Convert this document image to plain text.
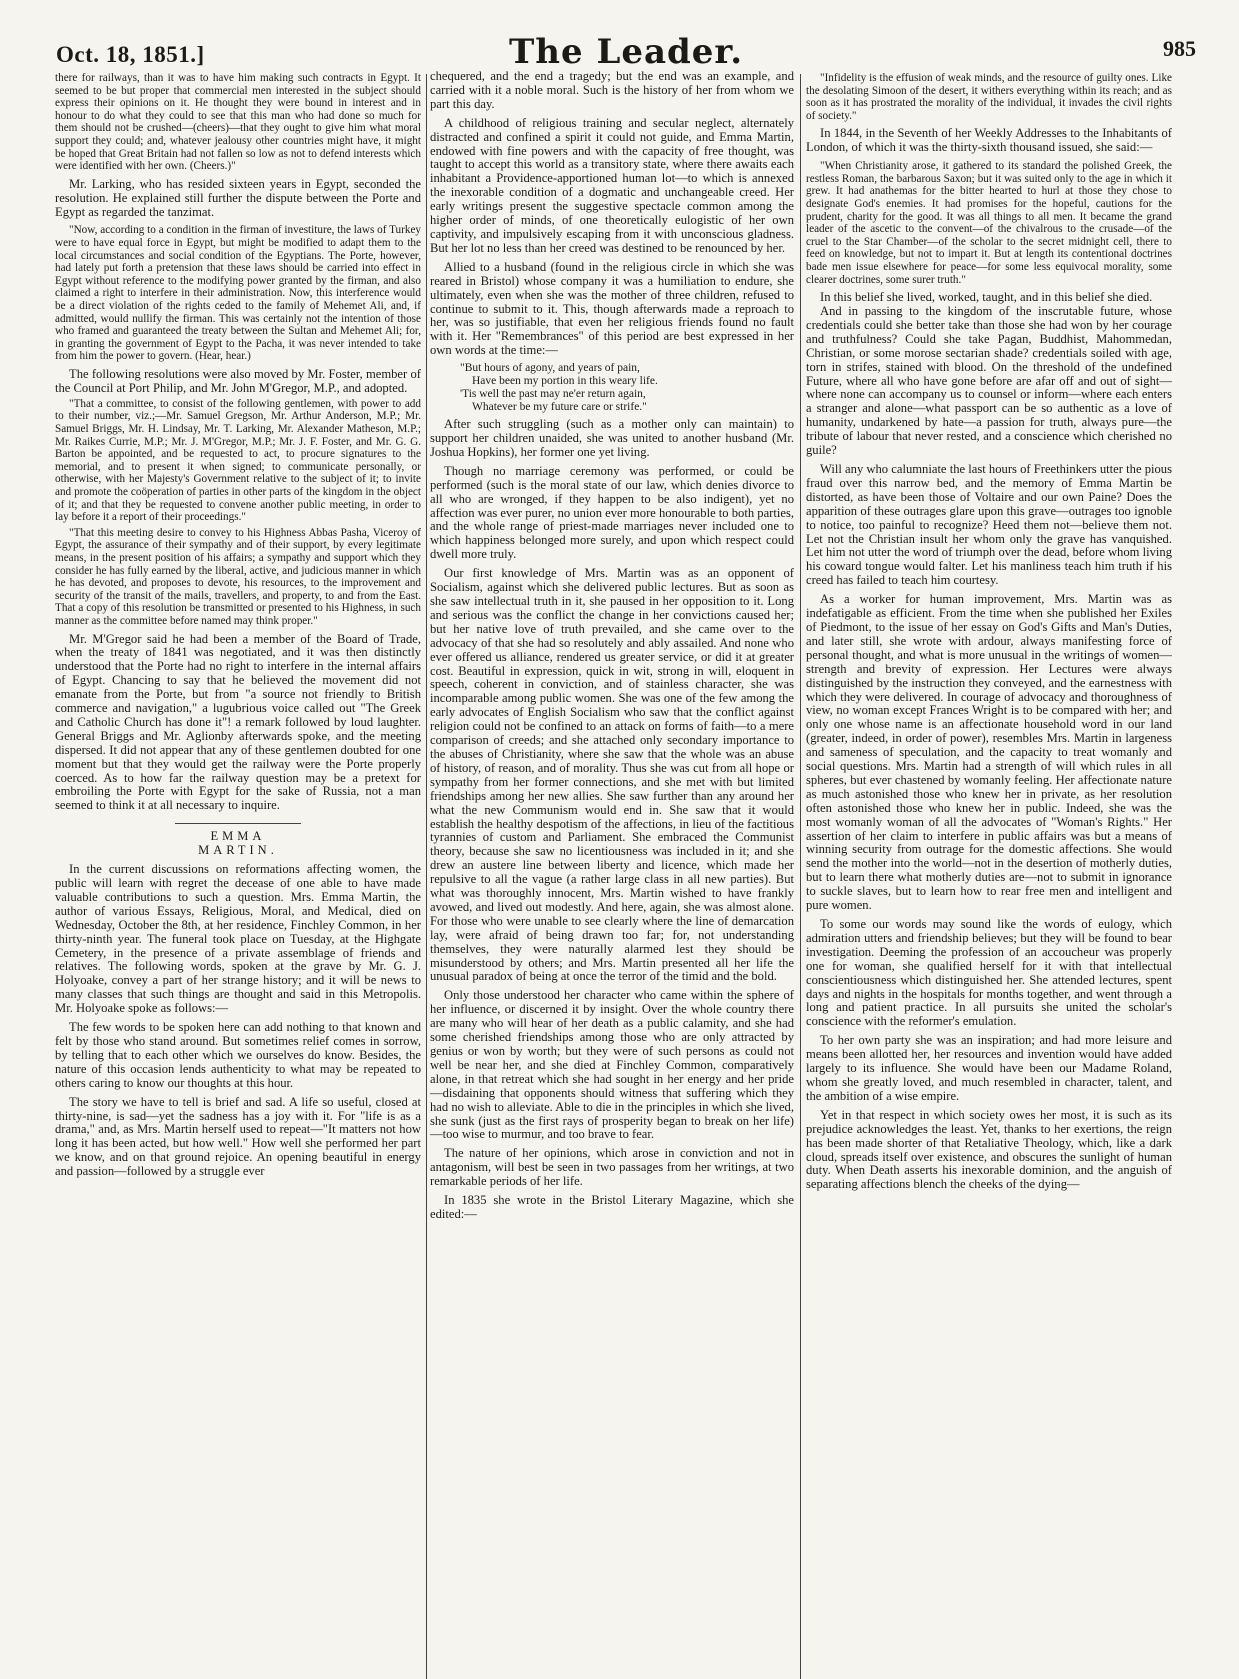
Oct. 18, 1851.]	The Leader.	985

there for railways, than it was to have him making such contracts in Egypt. It seemed to be but proper that commercial men interested in the subject should express their opinions on it. He thought they were bound in interest and in honour to do what they could to see that this man who had done so much for them should not be crushed—(cheers)—that they ought to give him what moral support they could; and, whatever jealousy other countries might have, it might be hoped that Great Britain had not fallen so low as not to defend interests which were identified with her own. (Cheers.)"

Mr. Larking, who has resided sixteen years in Egypt, seconded the resolution. He explained still further the dispute between the Porte and Egypt as regarded the tanzimat.

"Now, according to a condition in the firman of investiture, the laws of Turkey were to have equal force in Egypt, but might be modified to adapt them to the local circumstances and social condition of the Egyptians. The Porte, however, had lately put forth a pretension that these laws should be carried into effect in Egypt without reference to the modifying power granted by the firman, and also claimed a right to interfere in their administration. Now, this interference would be a direct violation of the rights ceded to the family of Mehemet Ali, and, if admitted, would nullify the firman. This was certainly not the intention of those who framed and guaranteed the treaty between the Sultan and Mehemet Ali; for, in granting the government of Egypt to the Pacha, it was never intended to take from him the power to govern. (Hear, hear.)

The following resolutions were also moved by Mr. Foster, member of the Council at Port Philip, and Mr. John M'Gregor, M.P., and adopted.

"That a committee, to consist of the following gentlemen, with power to add to their number, viz.;—Mr. Samuel Gregson, Mr. Arthur Anderson, M.P.; Mr. Samuel Briggs, Mr. H. Lindsay, Mr. T. Larking, Mr. Alexander Matheson, M.P.; Mr. Raikes Currie, M.P.; Mr. J. M'Gregor, M.P.; Mr. J. F. Foster, and Mr. G. G. Barton be appointed, and be requested to act, to procure signatures to the memorial, and to present it when signed; to communicate personally, or otherwise, with her Majesty's Government relative to the subject of it; to invite and promote the coöperation of parties in other parts of the kingdom in the object of it; and that they be requested to convene another public meeting, in order to lay before it a report of their proceedings."

"That this meeting desire to convey to his Highness Abbas Pasha, Viceroy of Egypt, the assurance of their sympathy and of their support, by every legitimate means, in the present position of his affairs; a sympathy and support which they consider he has fully earned by the liberal, active, and judicious manner in which he has devoted, and proposes to devote, his resources, to the improvement and security of the transit of the mails, travellers, and property, to and from the East. That a copy of this resolution be transmitted or presented to his Highness, in such manner as the committee before named may think proper."

Mr. M'Gregor said he had been a member of the Board of Trade, when the treaty of 1841 was negotiated, and it was then distinctly understood that the Porte had no right to interfere in the internal affairs of Egypt. Chancing to say that he believed the movement did not emanate from the Porte, but from "a source not friendly to British commerce and navigation," a lugubrious voice called out "The Greek and Catholic Church has done it"! a remark followed by loud laughter. General Briggs and Mr. Aglionby afterwards spoke, and the meeting dispersed. It did not appear that any of these gentlemen doubted for one moment but that they would get the railway were the Porte properly coerced. As to how far the railway question may be a pretext for embroiling the Porte with Egypt for the sake of Russia, not a man seemed to think it at all necessary to inquire.

EMMA MARTIN.

In the current discussions on reformations affecting women, the public will learn with regret the decease of one able to have made valuable contributions to such a question. Mrs. Emma Martin, the author of various Essays, Religious, Moral, and Medical, died on Wednesday, October the 8th, at her residence, Finchley Common, in her thirty-ninth year. The funeral took place on Tuesday, at the Highgate Cemetery, in the presence of a private assemblage of friends and relatives. The following words, spoken at the grave by Mr. G. J. Holyoake, convey a part of her strange history; and it will be news to many classes that such things are thought and said in this Metropolis. Mr. Holyoake spoke as follows:—

The few words to be spoken here can add nothing to that known and felt by those who stand around. But sometimes relief comes in sorrow, by telling that to each other which we ourselves do know. Besides, the nature of this occasion lends authenticity to what may be repeated to others caring to know our thoughts at this hour.

The story we have to tell is brief and sad. A life so useful, closed at thirty-nine, is sad—yet the sadness has a joy with it. For "life is as a drama," and, as Mrs. Martin herself used to repeat—"It matters not how long it has been acted, but how well." How well she performed her part we know, and on that ground rejoice. An opening beautiful in energy and passion—followed by a struggle ever

chequered, and the end a tragedy; but the end was an example, and carried with it a noble moral. Such is the history of her from whom we part this day.

A childhood of religious training and secular neglect, alternately distracted and confined a spirit it could not guide, and Emma Martin, endowed with fine powers and with the capacity of free thought, was taught to accept this world as a transitory state, where there awaits each inhabitant a Providence-apportioned human lot—to which is annexed the inexorable condition of a dogmatic and unchangeable creed. Her early writings present the suggestive spectacle common among the higher order of minds, of one theoretically eulogistic of her own captivity, and impulsively escaping from it with unconscious gladness. But her lot no less than her creed was destined to be renounced by her.

Allied to a husband (found in the religious circle in which she was reared in Bristol) whose company it was a humiliation to endure, she ultimately, even when she was the mother of three children, refused to continue to submit to it. This, though afterwards made a reproach to her, was so justifiable, that even her religious friends found no fault with it. Her "Remembrances" of this period are best expressed in her own words at the time:—

"But hours of agony, and years of pain,
Have been my portion in this weary life.
'Tis well the past may ne'er return again,
Whatever be my future care or strife."

After such struggling (such as a mother only can maintain) to support her children unaided, she was united to another husband (Mr. Joshua Hopkins), her former one yet living.

Though no marriage ceremony was performed, or could be performed (such is the moral state of our law, which denies divorce to all who are wronged, if they happen to be also indigent), yet no affection was ever purer, no union ever more honourable to both parties, and the whole range of priest-made marriages never included one to which happiness belonged more surely, and upon which respect could dwell more truly.

Our first knowledge of Mrs. Martin was as an opponent of Socialism, against which she delivered public lectures. But as soon as she saw intellectual truth in it, she paused in her opposition to it. Long and serious was the conflict the change in her convictions caused her; but her native love of truth prevailed, and she came over to the advocacy of that she had so resolutely and ably assailed. And none who ever offered us alliance, rendered us greater service, or did it at greater cost. Beautiful in expression, quick in wit, strong in will, eloquent in speech, coherent in conviction, and of stainless character, she was incomparable among public women. She was one of the few among the early advocates of English Socialism who saw that the conflict against religion could not be confined to an attack on forms of faith—to a mere comparison of creeds; and she attached only secondary importance to the abuses of Christianity, where she saw that the whole was an abuse of history, of reason, and of morality. Thus she was cut from all hope or sympathy from her former connections, and she met with but limited friendships among her new allies. She saw further than any around her what the new Communism would end in. She saw that it would establish the healthy despotism of the affections, in lieu of the factitious tyrannies of custom and Parliament. She embraced the Communist theory, because she saw no licentiousness was included in it; and she drew an austere line between liberty and licence, which made her repulsive to all the vague (a rather large class in all new parties). But what was thoroughly innocent, Mrs. Martin wished to have frankly avowed, and lived out modestly. And here, again, she was almost alone. For those who were unable to see clearly where the line of demarcation lay, were afraid of being drawn too far; for, not understanding themselves, they were naturally alarmed lest they should be misunderstood by others; and Mrs. Martin presented all her life the unusual paradox of being at once the terror of the timid and the bold.

Only those understood her character who came within the sphere of her influence, or discerned it by insight. Over the whole country there are many who will hear of her death as a public calamity, and she had some cherished friendships among those who are only attracted by genius or won by worth; but they were of such persons as could not well be near her, and she died at Finchley Common, comparatively alone, in that retreat which she had sought in her energy and her pride—disdaining that opponents should witness that suffering which they had no wish to alleviate. Able to die in the principles in which she lived, she sunk (just as the first rays of prosperity began to break on her life)—too wise to murmur, and too brave to fear.

The nature of her opinions, which arose in conviction and not in antagonism, will best be seen in two passages from her writings, at two remarkable periods of her life.

In 1835 she wrote in the Bristol Literary Magazine, which she edited:—

"Infidelity is the effusion of weak minds, and the resource of guilty ones. Like the desolating Simoon of the desert, it withers everything within its reach; and as soon as it has prostrated the morality of the individual, it invades the civil rights of society."

In 1844, in the Seventh of her Weekly Addresses to the Inhabitants of London, of which it was the thirty-sixth thousand issued, she said:—

"When Christianity arose, it gathered to its standard the polished Greek, the restless Roman, the barbarous Saxon; but it was suited only to the age in which it grew. It had anathemas for the bitter hearted to hurl at those they chose to designate God's enemies. It had promises for the hopeful, cautions for the prudent, charity for the good. It was all things to all men. It became the grand leader of the ascetic to the convent—of the chivalrous to the crusade—of the cruel to the Star Chamber—of the scholar to the secret midnight cell, there to feed on knowledge, but not to impart it. But at length its contentional doctrines bade men issue elsewhere for peace—for some less equivocal morality, some clearer doctrines, some surer truth."

In this belief she lived, worked, taught, and in this belief she died.

And in passing to the kingdom of the inscrutable future, whose credentials could she better take than those she had won by her courage and truthfulness? Could she take Pagan, Buddhist, Mahommedan, Christian, or some morose sectarian shade? credentials soiled with age, torn in strifes, stained with blood. On the threshold of the undefined Future, where all who have gone before are afar off and out of sight—where none can accompany us to counsel or inform—where each enters a stranger and alone—what passport can be so authentic as a love of humanity, undarkened by hate—a passion for truth, always pure—the tribute of labour that never rested, and a conscience which cherished no guile?

Will any who calumniate the last hours of Freethinkers utter the pious fraud over this narrow bed, and the memory of Emma Martin be distorted, as have been those of Voltaire and our own Paine? Does the apparition of these outrages glare upon this grave—outrages too ignoble to notice, too painful to recognize? Heed them not—believe them not. Let not the Christian insult her whom only the grave has vanquished. Let him not utter the word of triumph over the dead, before whom living his coward tongue would falter. Let his manliness teach him truth if his creed has failed to teach him courtesy.

As a worker for human improvement, Mrs. Martin was as indefatigable as efficient. From the time when she published her Exiles of Piedmont, to the issue of her essay on God's Gifts and Man's Duties, and later still, she wrote with ardour, always manifesting force of personal thought, and what is more unusual in the writings of women—strength and brevity of expression. Her Lectures were always distinguished by the instruction they conveyed, and the earnestness with which they were delivered. In courage of advocacy and thoroughness of view, no woman except Frances Wright is to be compared with her; and only one whose name is an affectionate household word in our land (greater, indeed, in order of power), resembles Mrs. Martin in largeness and sameness of speculation, and the capacity to treat womanly and social questions. Mrs. Martin had a strength of will which rules in all spheres, but ever chastened by womanly feeling. Her affectionate nature as much astonished those who knew her in private, as her resolution often astonished those who knew her in public. Indeed, she was the most womanly woman of all the advocates of "Woman's Rights." Her assertion of her claim to interfere in public affairs was but a means of winning security from outrage for the domestic affections. She would send the mother into the world—not in the desertion of motherly duties, but to learn there what motherly duties are—not to submit in ignorance to suckle slaves, but to learn how to rear free men and intelligent and pure women.

To some our words may sound like the words of eulogy, which admiration utters and friendship believes; but they will be found to bear investigation. Deeming the profession of an accoucheur was properly one for woman, she qualified herself for it with that intellectual conscientiousness which distinguished her. She attended lectures, spent days and nights in the hospitals for months together, and went through a long and patient practice. In all pursuits she united the scholar's conscience with the reformer's emulation.

To her own party she was an inspiration; and had more leisure and means been allotted her, her resources and invention would have added largely to its influence. She would have been our Madame Roland, whom she greatly loved, and much resembled in character, talent, and the ambition of a wise empire.

Yet in that respect in which society owes her most, it is such as its prejudice acknowledges the least. Yet, thanks to her exertions, the reign has been made shorter of that Retaliative Theology, which, like a dark cloud, spreads itself over existence, and obscures the sunlight of human duty. When Death asserts his inexorable dominion, and the anguish of separating affections blench the cheeks of the dying—
